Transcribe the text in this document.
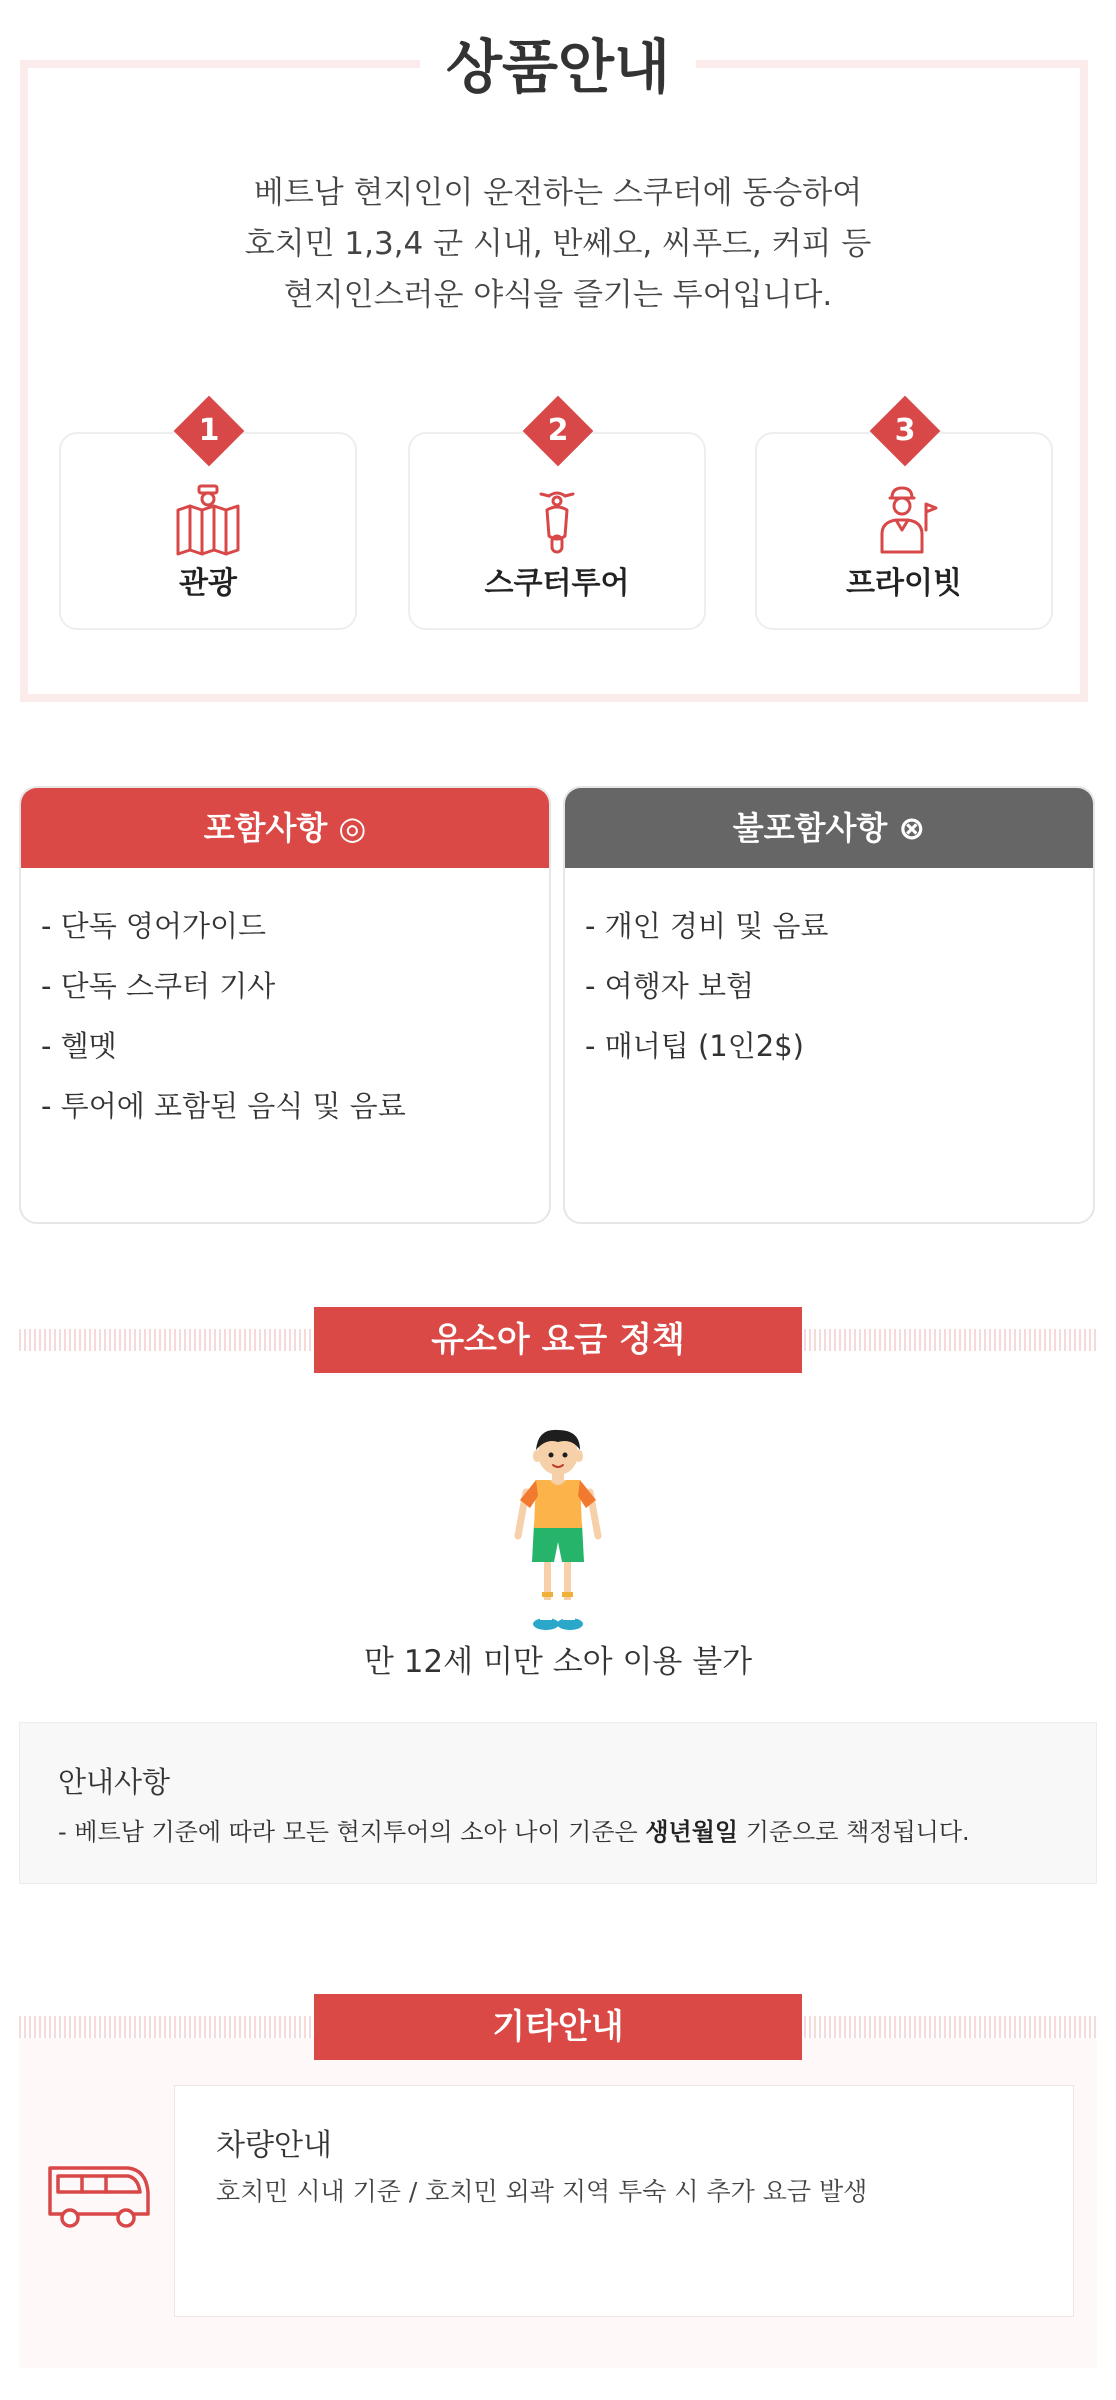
상품안내
베트남 현지인이 운전하는 스쿠터에 동승하여
호치민 1,3,4 군 시내, 반쎄오, 씨푸드, 커피 등
현지인스러운 야식을 즐기는 투어입니다.
1	2	3
관광	스쿠터투어	프라이빗
포함사항 ◎
- 단독 영어가이드
- 단독 스쿠터 기사
- 헬멧
- 투어에 포함된 음식 및 음료
불포함사항 ⊗
- 개인 경비 및 음료
- 여행자 보험
- 매너팁 (1인2$)
유소아 요금 정책
만 12세 미만 소아 이용 불가
안내사항
- 베트남 기준에 따라 모든 현지투어의 소아 나이 기준은 생년월일 기준으로 책정됩니다.
기타안내
차량안내
호치민 시내 기준 / 호치민 외곽 지역 투숙 시 추가 요금 발생
